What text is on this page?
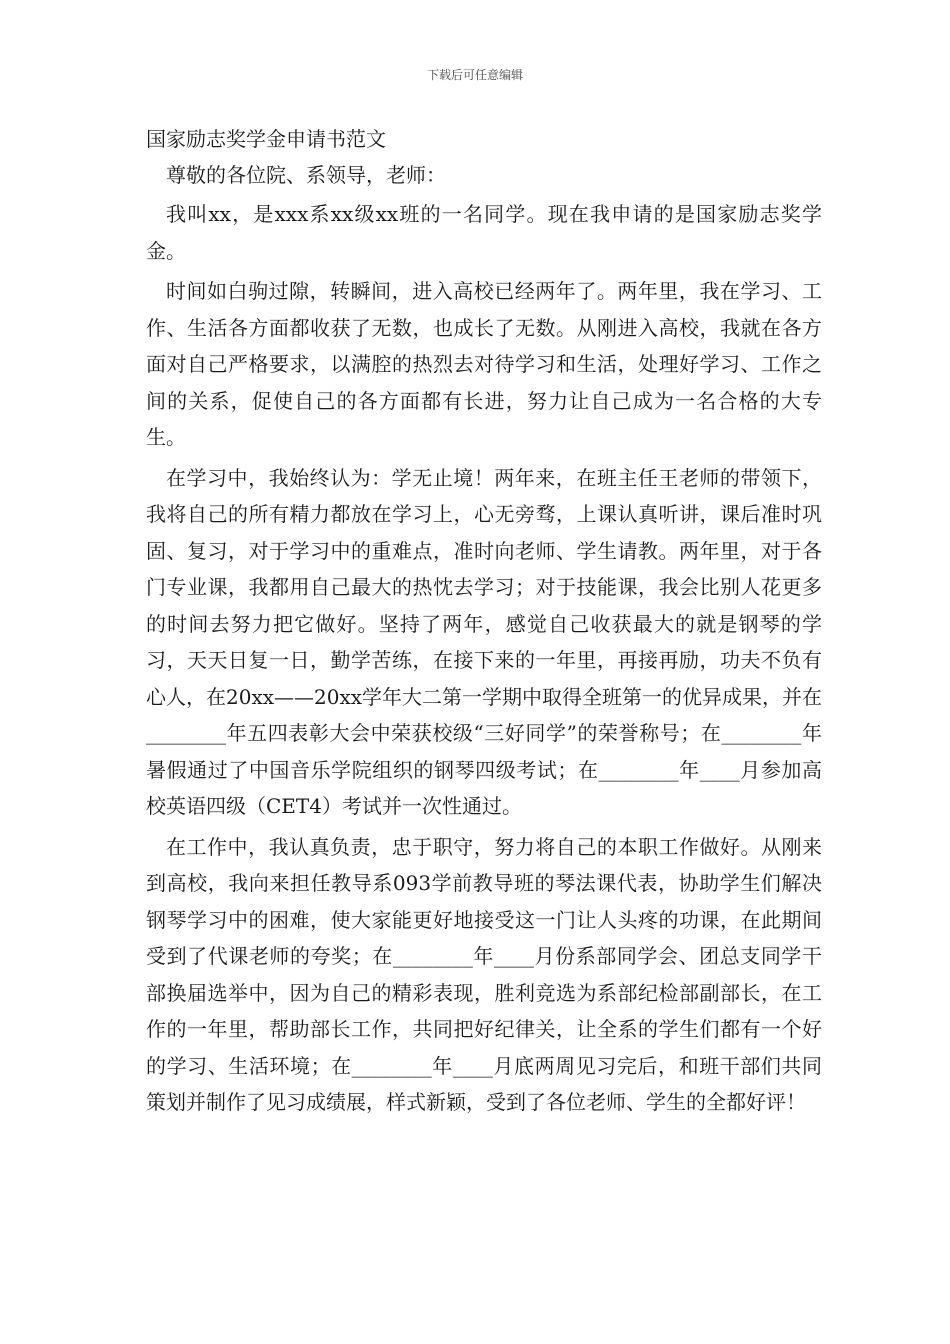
下载后可任意编辑
国家励志奖学金申请书范文

尊敬的各位院、系领导，老师：

我叫xx，是xxx系xx级xx班的一名同学。现在我申请的是国家励志奖学金。

时间如白驹过隙，转瞬间，进入高校已经两年了。两年里，我在学习、工作、生活各方面都收获了无数，也成长了无数。从刚进入高校，我就在各方面对自己严格要求，以满腔的热烈去对待学习和生活，处理好学习、工作之间的关系，促使自己的各方面都有长进，努力让自己成为一名合格的大专生。

在学习中，我始终认为：学无止境！两年来，在班主任王老师的带领下，我将自己的所有精力都放在学习上，心无旁骛，上课认真听讲，课后准时巩固、复习，对于学习中的重难点，准时向老师、学生请教。两年里，对于各门专业课，我都用自己最大的热忱去学习；对于技能课，我会比别人花更多的时间去努力把它做好。坚持了两年，感觉自己收获最大的就是钢琴的学习，天天日复一日，勤学苦练，在接下来的一年里，再接再励，功夫不负有心人，在20xx——20xx学年大二第一学期中取得全班第一的优异成果，并在________年五四表彰大会中荣获校级“三好同学”的荣誉称号；在________年暑假通过了中国音乐学院组织的钢琴四级考试；在________年____月参加高校英语四级（CET4）考试并一次性通过。

在工作中，我认真负责，忠于职守，努力将自己的本职工作做好。从刚来到高校，我向来担任教导系093学前教导班的琴法课代表，协助学生们解决钢琴学习中的困难，使大家能更好地接受这一门让人头疼的功课，在此期间受到了代课老师的夸奖；在________年____月份系部同学会、团总支同学干部换届选举中，因为自己的精彩表现，胜利竞选为系部纪检部副部长，在工作的一年里，帮助部长工作，共同把好纪律关，让全系的学生们都有一个好的学习、生活环境；在________年____月底两周见习完后，和班干部们共同策划并制作了见习成绩展，样式新颖，受到了各位老师、学生的全都好评！
